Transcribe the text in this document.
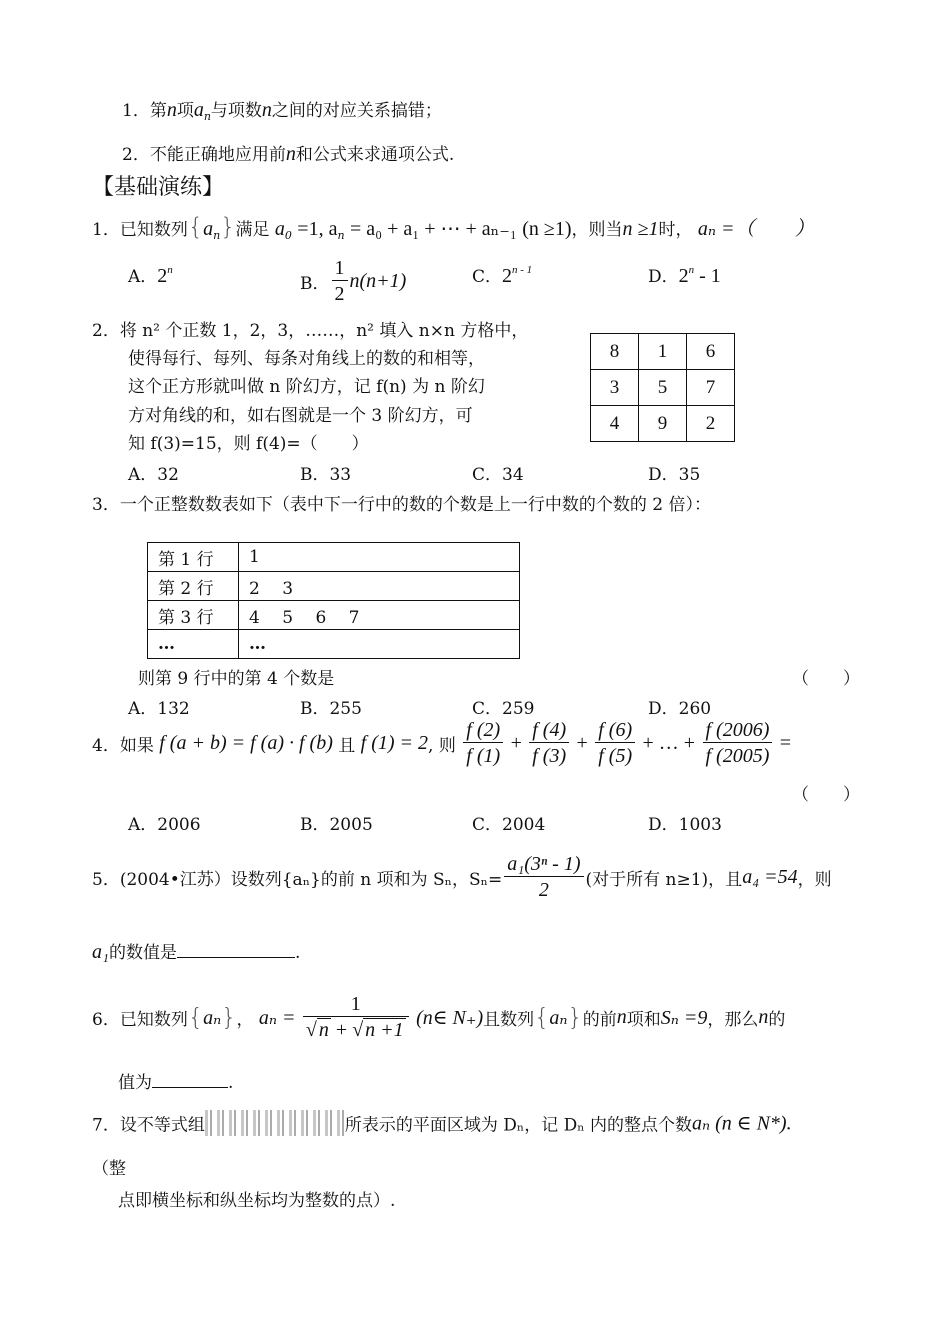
1．第n项$a_n$与项数n之间的对应关系搞错；
2．不能正确地应用前n和公式来求通项公式.
【基础演练】
1．已知数列$\{a_n\}$满足 $a_0 =1$, $a_n = a_0 + a_1$ + ⋯ + aₙ₋₁ (n ≥1)，则当n ≥1时， aₙ =（　　）
A．2$^n$
B． $\frac{1}{2} n(n+1)$	C．2$^{n - 1}$	D．2$^n$ - 1
2．将 n² 个正数 1，2，3，……，n² 填入 n×n 方格中，
使得每行、每列、每条对角线上的数的和相等，
这个正方形就叫做 n 阶幻方，记 f(n) 为 n 阶幻
方对角线的和，如右图就是一个 3 阶幻方，可
知 f(3)=15，则 f(4)=（　　）
8	1	6
3	5	7
4	9	2
A．32	B．33	C．34	D．35
3．一个正整数数表如下（表中下一行中的数的个数是上一行中数的个数的 2 倍）：
第 1 行	1
第 2 行	2　 3
第 3 行	4　 5　 6　 7
…	…
则第 9 行中的第 4 个数是	（　　）
A．132	B．255	C．259	D．260
4．如果 f (a + b) = f (a) · f (b) 且 f (1) = 2, 则 $\frac{f (2)}{f (1)} + \frac{f (4)}{f (3)} + \frac{f (6)}{f (5)}$ + … + $\frac{f (2006)}{f (2005)}$ =
（　　）
A．2006	B．2005	C．2004	D．1003
5．(2004•江苏）设数列{aₙ}的前 n 项和为 Sₙ，$S_n= \frac{\text{a₁(3ⁿ - 1)}}{2}$ (对于所有 n≥1)，且a₄ =54，则
a₁的数值是	.
6．已知数列{aₙ}， $a_n = \frac{1}{√ n + √ n +1}$ (n∈ N₊)且数列{aₙ}的前n项和Sₙ =9，那么n的
值为	.
7．设不等式组	所表示的平面区域为 Dₙ，记 Dₙ 内的整点个数aₙ (n ∈ N*).
（整
点即横坐标和纵坐标均为整数的点）.
